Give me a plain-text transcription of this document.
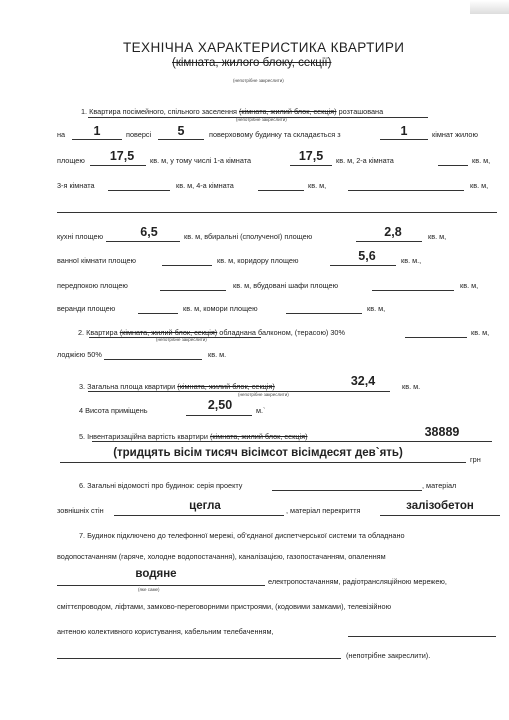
ТЕХНІЧНА ХАРАКТЕРИСТИКА КВАРТИРИ
(кімната, жилого блоку, секції)
(непотрібне закреслити)
1. Квартира посімейного, спільного заселення (кімната, жилий блок, секція) розташована
(непотрібне закреслити)
на	1	поверсі	5	поверховому будинку та складається з	1	кімнат жилою
площею	17,5	кв. м, у тому числі 1-а кімната	17,5	кв. м, 2-а кімната	кв. м,
3-я кімната	кв. м, 4-а кімната	кв. м,	кв. м,
кухні площею	6,5	кв. м, вбиральні (сполученої) площею	2,8	кв. м,
ванної кімнати площею	кв. м, коридору площею	5,6	кв. м.,
передпокою площею	кв. м, вбудовані шафи площею	кв. м,
веранди площею	кв. м, комори площею	кв. м,
2. Квартира (кімната, жилий блок, секція) обладнана балконом, (терасою) 30%	кв. м,
(непотрібне закреслити)
лоджією 50%	кв. м.
3. Загальна площа квартири (кімната, жилий блок, секція)	32,4	кв. м.
(непотрібне закреслити)
4 Висота приміщень	2,50	м.`
5. Інвентаризаційна вартість квартири (кімната, жилий блок, секція)	38889
(тридцять вісім тисяч вісімсот вісімдесят дев`ять)
грн
6. Загальні відомості про будинок: серія проекту	, матеріал
зовнішніх стін	цегла	, матеріал перекриття	залізобетон
7. Будинок підключено до телефонної мережі, об'єднаної диспетчерської системи та обладнано
водопостачанням (гаряче, холодне водопостачання), каналізацією, газопостачанням, опаленням
водяне
(яке саме)
електропостачанням, радіотрансляційною мережею,
сміттєпроводом, ліфтами, замково-переговорними пристроями, (кодовими замками), телевізійною
антеною колективного користування, кабельним телебаченням,
(непотрібне закреслити).
